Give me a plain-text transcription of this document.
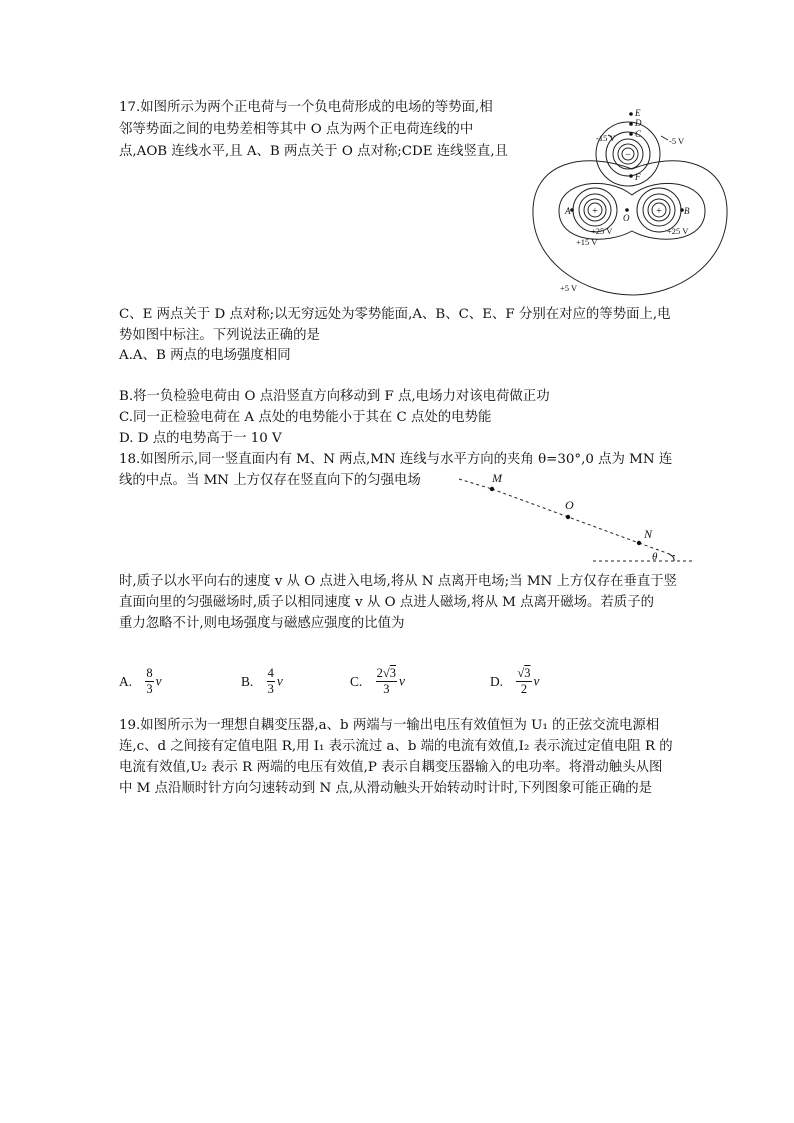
17.如图所示为两个正电荷与一个负电荷形成的电场的等势面,相
邻等势面之间的电势差相等其中 O 点为两个正电荷连线的中
点,AOB 连线水平,且 A、B 两点关于 O 点对称;CDE 连线竖直,且	−
+	+
E
D
C
F
A
O
B
-15 V	-5 V
+25 V	+25 V
+15 V
+5 V
C、E 两点关于 D 点对称;以无穷远处为零势能面,A、B、C、E、F 分别在对应的等势面上,电
势如图中标注。下列说法正确的是
A.A、B 两点的电场强度相同
B.将一负检验电荷由 O 点沿竖直方向移动到 F 点,电场力对该电荷做正功
C.同一正检验电荷在 A 点处的电势能小于其在 C 点处的电势能
D. D 点的电势高于一 10 V
18.如图所示,同一竖直面内有 M、N 两点,MN 连线与水平方向的夹角 θ=30°,0 点为 MN 连
线的中点。当 MN 上方仅存在竖直向下的匀强电场	M
O
N
θ
时,质子以水平向右的速度 v 从 O 点进入电场,将从 N 点离开电场;当 MN 上方仅存在垂直于竖
直面向里的匀强磁场时,质子以相同速度 v 从 O 点进人磁场,将从 M 点离开磁场。若质子的
重力忽略不计,则电场强度与磁感应强度的比值为
A. $\frac{8}{3}$ v	B. $\frac{4}{3}$ v	C. $\frac{2√3}{3}$ v	D. $\frac{√3}{2}$ v
19.如图所示为一理想自耦变压器,a、b 两端与一输出电压有效值恒为 U₁ 的正弦交流电源相
连,c、d 之间接有定值电阻 R,用 I₁ 表示流过 a、b 端的电流有效值,I₂ 表示流过定值电阻 R 的
电流有效值,U₂ 表示 R 两端的电压有效值,P 表示自耦变压器输入的电功率。将滑动触头从图
中 M 点沿顺时针方向匀速转动到 N 点,从滑动触头开始转动时计时,下列图象可能正确的是
